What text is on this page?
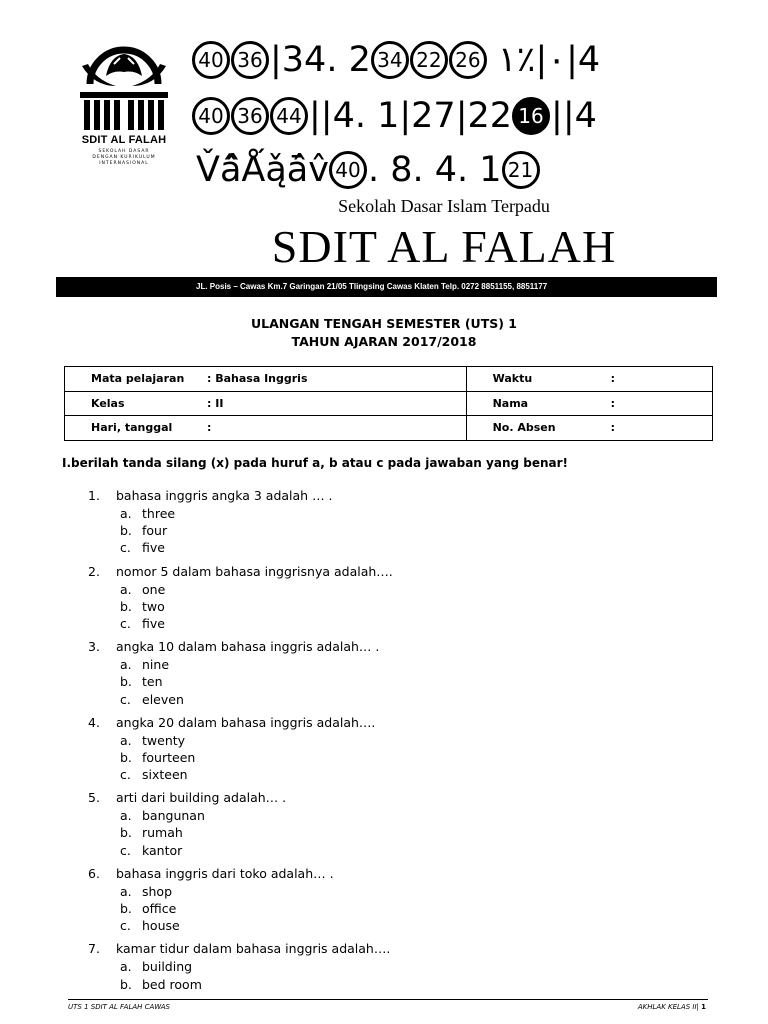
SDIT AL FALAH
SEKOLAH DASAR
DENGAN KURIKULUM
INTERNASIONAL
40 36 |34. 2 34 22 26 ٠|٪١|4
40 36 44 ||4. 1|27|22 16 ||4
V̌â̂Ǻą̌ā̂v̂ 40 . 8. 4. 1 21
Sekolah Dasar Islam Terpadu
SDIT AL FALAH
JL. Posis – Cawas Km.7 Garingan 21/05 Tlingsing Cawas Klaten Telp. 0272 8851155, 8851177
ULANGAN TENGAH SEMESTER (UTS) 1
TAHUN AJARAN 2017/2018
Mata pelajaran : Bahasa Inggris	Waktu :
Kelas : II	Nama :
Hari, tanggal :	No. Absen :
I.berilah tanda silang (x) pada huruf a, b atau c pada jawaban yang benar!
1. bahasa inggris angka 3 adalah … .
a. three
b. four
c. five
2. nomor 5 dalam bahasa inggrisnya adalah….
a. one
b. two
c. five
3. angka 10 dalam bahasa inggris adalah… .
a. nine
b. ten
c. eleven
4. angka 20 dalam bahasa inggris adalah….
a. twenty
b. fourteen
c. sixteen
5. arti dari building adalah… .
a. bangunan
b. rumah
c. kantor
6. bahasa inggris dari toko adalah… .
a. shop
b. office
c. house
7. kamar tidur dalam bahasa inggris adalah….
a. building
b. bed room
UTS 1 SDIT AL FALAH CAWAS	AKHLAK KELAS II| 1
